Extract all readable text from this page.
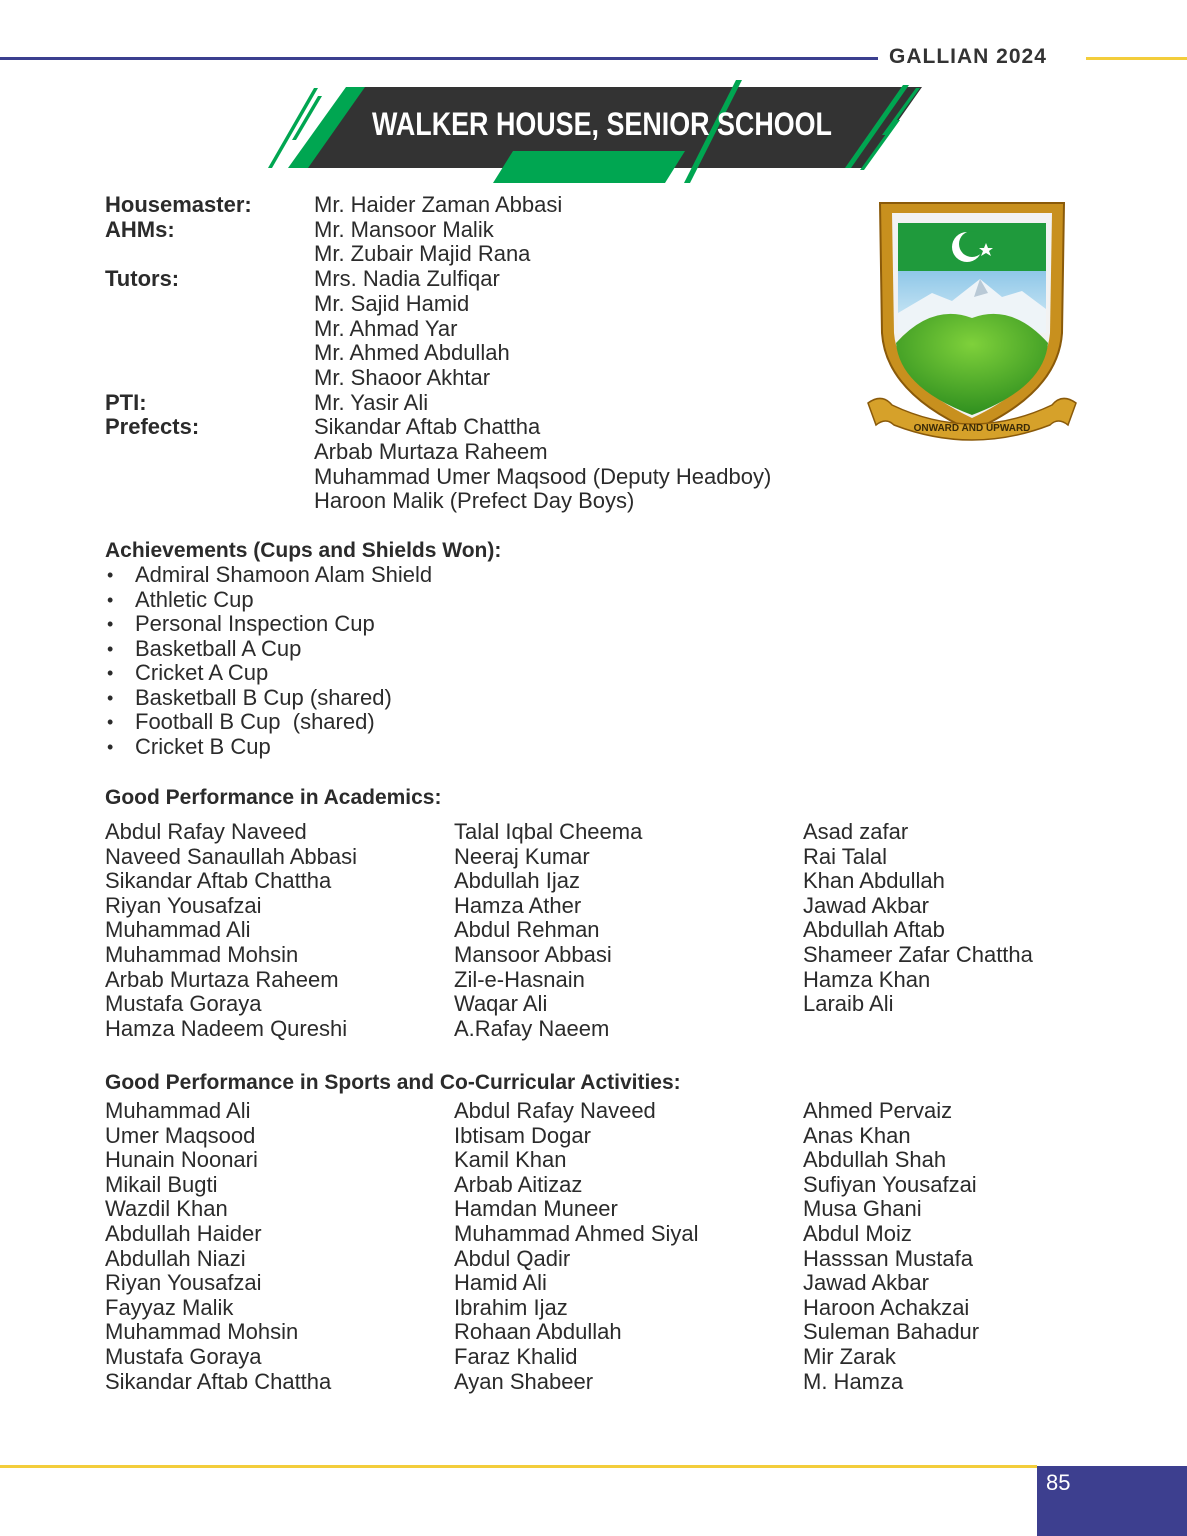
GALLIAN 2024
WALKER HOUSE, SENIOR SCHOOL
Housemaster:	Mr. Haider Zaman Abbasi
AHMs:	Mr. Mansoor Malik
Mr. Zubair Majid Rana
Tutors:	Mrs. Nadia Zulfiqar
Mr. Sajid Hamid
Mr. Ahmad Yar
Mr. Ahmed Abdullah
Mr. Shaoor Akhtar
PTI:	Mr. Yasir Ali
Prefects:	Sikandar Aftab Chattha
Arbab Murtaza Raheem
Muhammad Umer Maqsood (Deputy Headboy)
Haroon Malik (Prefect Day Boys)
ONWARD AND UPWARD
Achievements (Cups and Shields Won):
• Admiral Shamoon Alam Shield
• Athletic Cup
• Personal Inspection Cup
• Basketball A Cup
• Cricket A Cup
• Basketball B Cup (shared)
• Football B Cup  (shared)
• Cricket B Cup
Good Performance in Academics:
Abdul Rafay Naveed
Naveed Sanaullah Abbasi
Sikandar Aftab Chattha
Riyan Yousafzai
Muhammad Ali
Muhammad Mohsin
Arbab Murtaza Raheem
Mustafa Goraya
Hamza Nadeem Qureshi
Talal Iqbal Cheema
Neeraj Kumar
Abdullah Ijaz
Hamza Ather
Abdul Rehman
Mansoor Abbasi
Zil-e-Hasnain
Waqar Ali
A.Rafay Naeem
Asad zafar
Rai Talal
Khan Abdullah
Jawad Akbar
Abdullah Aftab
Shameer Zafar Chattha
Hamza Khan
Laraib Ali
Good Performance in Sports and Co-Curricular Activities:
Muhammad Ali
Umer Maqsood
Hunain Noonari
Mikail Bugti
Wazdil Khan
Abdullah Haider
Abdullah Niazi
Riyan Yousafzai
Fayyaz Malik
Muhammad Mohsin
Mustafa Goraya
Sikandar Aftab Chattha
Abdul Rafay Naveed
Ibtisam Dogar
Kamil Khan
Arbab Aitizaz
Hamdan Muneer
Muhammad Ahmed Siyal
Abdul Qadir
Hamid Ali
Ibrahim Ijaz
Rohaan Abdullah
Faraz Khalid
Ayan Shabeer
Ahmed Pervaiz
Anas Khan
Abdullah Shah
Sufiyan Yousafzai
Musa Ghani
Abdul Moiz
Hasssan Mustafa
Jawad Akbar
Haroon Achakzai
Suleman Bahadur
Mir Zarak
M. Hamza
85
